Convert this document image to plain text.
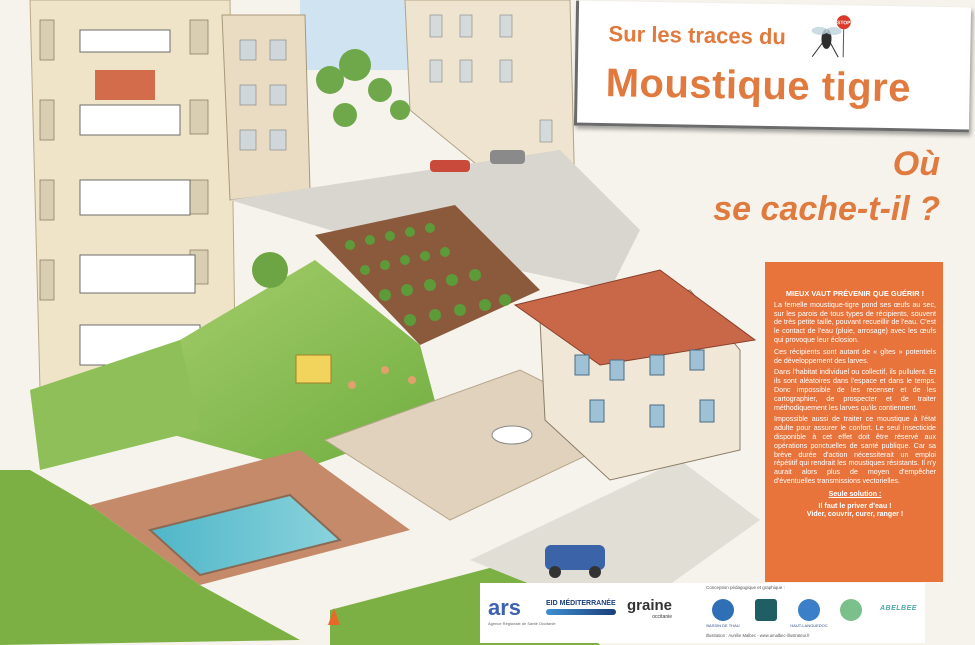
Sur les traces du
Moustique tigre
STOP
Où
se cache-t-il ?
MIEUX VAUT PRÉVENIR QUE GUÉRIR !

La femelle moustique-tigre pond ses œufs au sec, sur les parois de tous types de récipients, souvent de très petite taille, pouvant recueillir de l'eau. C'est le contact de l'eau (pluie, arrosage) avec les œufs qui provoque leur éclosion.

Ces récipients sont autant de « gîtes » potentiels de développement des larves.

Dans l'habitat individuel ou collectif, ils pullulent. Et ils sont aléatoires dans l'espace et dans le temps. Donc impossible de les recenser et de les cartographier, de prospecter et de traiter méthodiquement les larves qu'ils contiennent.

Impossible aussi de traiter ce moustique à l'état adulte pour assurer le confort. Le seul insecticide disponible à cet effet doit être réservé aux opérations ponctuelles de santé publique. Car sa brève durée d'action nécessiterait un emploi répétitif qui rendrait les moustiques résistants. Il n'y aurait alors plus de moyen d'empêcher d'éventuelles transmissions vectorielles.

Seule solution :

Il faut le priver d'eau !

Vider, couvrir, curer, ranger !

ars
Agence Régionale de Santé Occitanie
EID MÉDITERRANÉE graine
occitanie
Conception pédagogique et graphique :
BASSIN DE THAU	HAUT-LANGUEDOC
ABELBEE
Illustration : Aurélie Malbec - www.amalbec-illustrateur.fr
